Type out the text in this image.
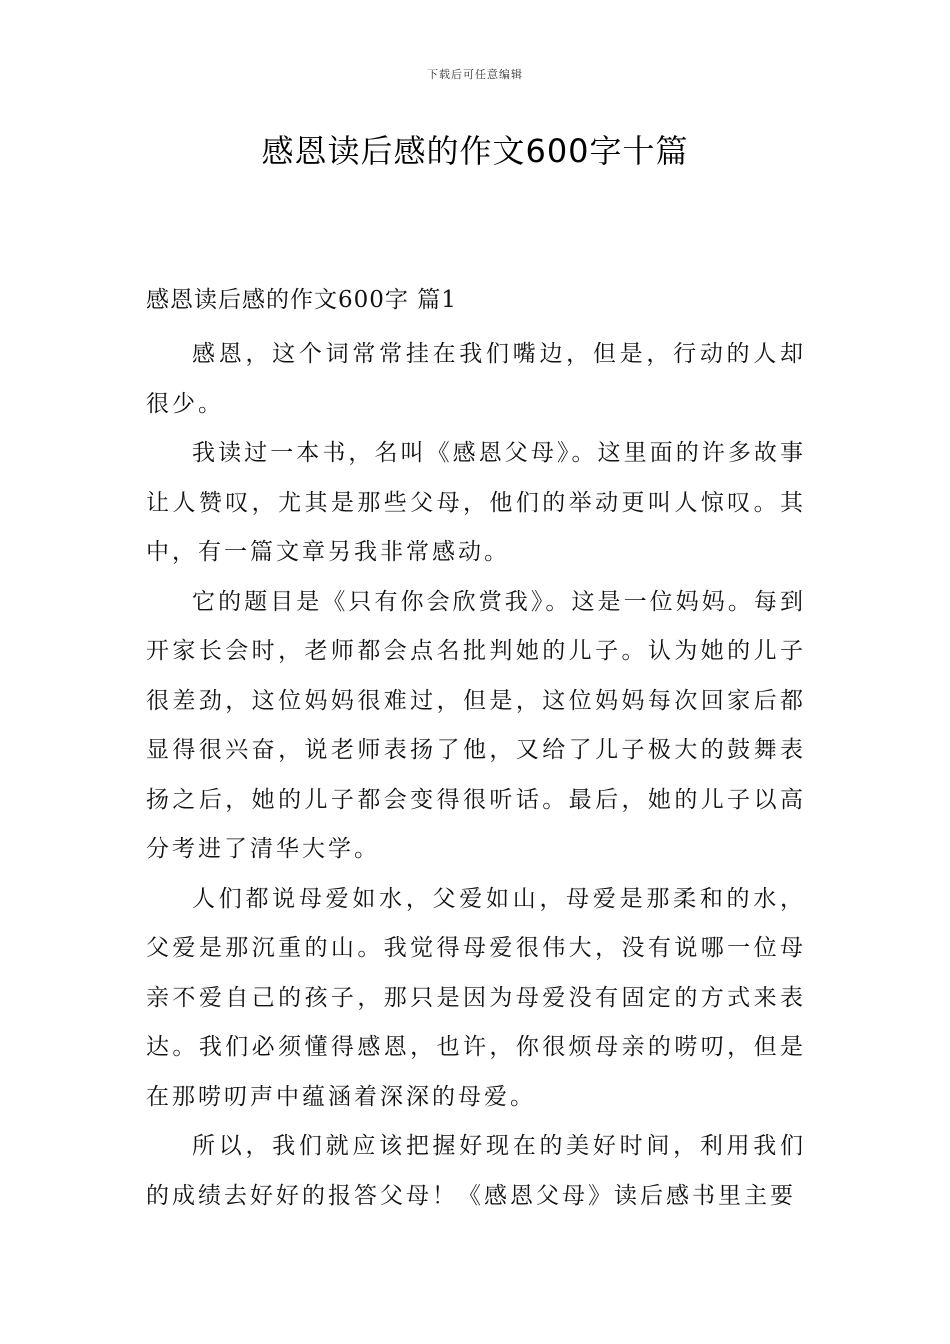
下载后可任意编辑
感恩读后感的作文600字十篇

感恩读后感的作文600字 篇1

感恩，这个词常常挂在我们嘴边，但是，行动的人却很少。

我读过一本书，名叫《感恩父母》。这里面的许多故事让人赞叹，尤其是那些父母，他们的举动更叫人惊叹。其中，有一篇文章另我非常感动。

它的题目是《只有你会欣赏我》。这是一位妈妈。每到开家长会时，老师都会点名批判她的儿子。认为她的儿子很差劲，这位妈妈很难过，但是，这位妈妈每次回家后都显得很兴奋，说老师表扬了他，又给了儿子极大的鼓舞表扬之后，她的儿子都会变得很听话。最后，她的儿子以高分考进了清华大学。

人们都说母爱如水，父爱如山，母爱是那柔和的水，父爱是那沉重的山。我觉得母爱很伟大，没有说哪一位母亲不爱自己的孩子，那只是因为母爱没有固定的方式来表达。我们必须懂得感恩，也许，你很烦母亲的唠叨，但是在那唠叨声中蕴涵着深深的母爱。

所以，我们就应该把握好现在的美好时间，利用我们的成绩去好好的报答父母！《感恩父母》读后感书里主要
